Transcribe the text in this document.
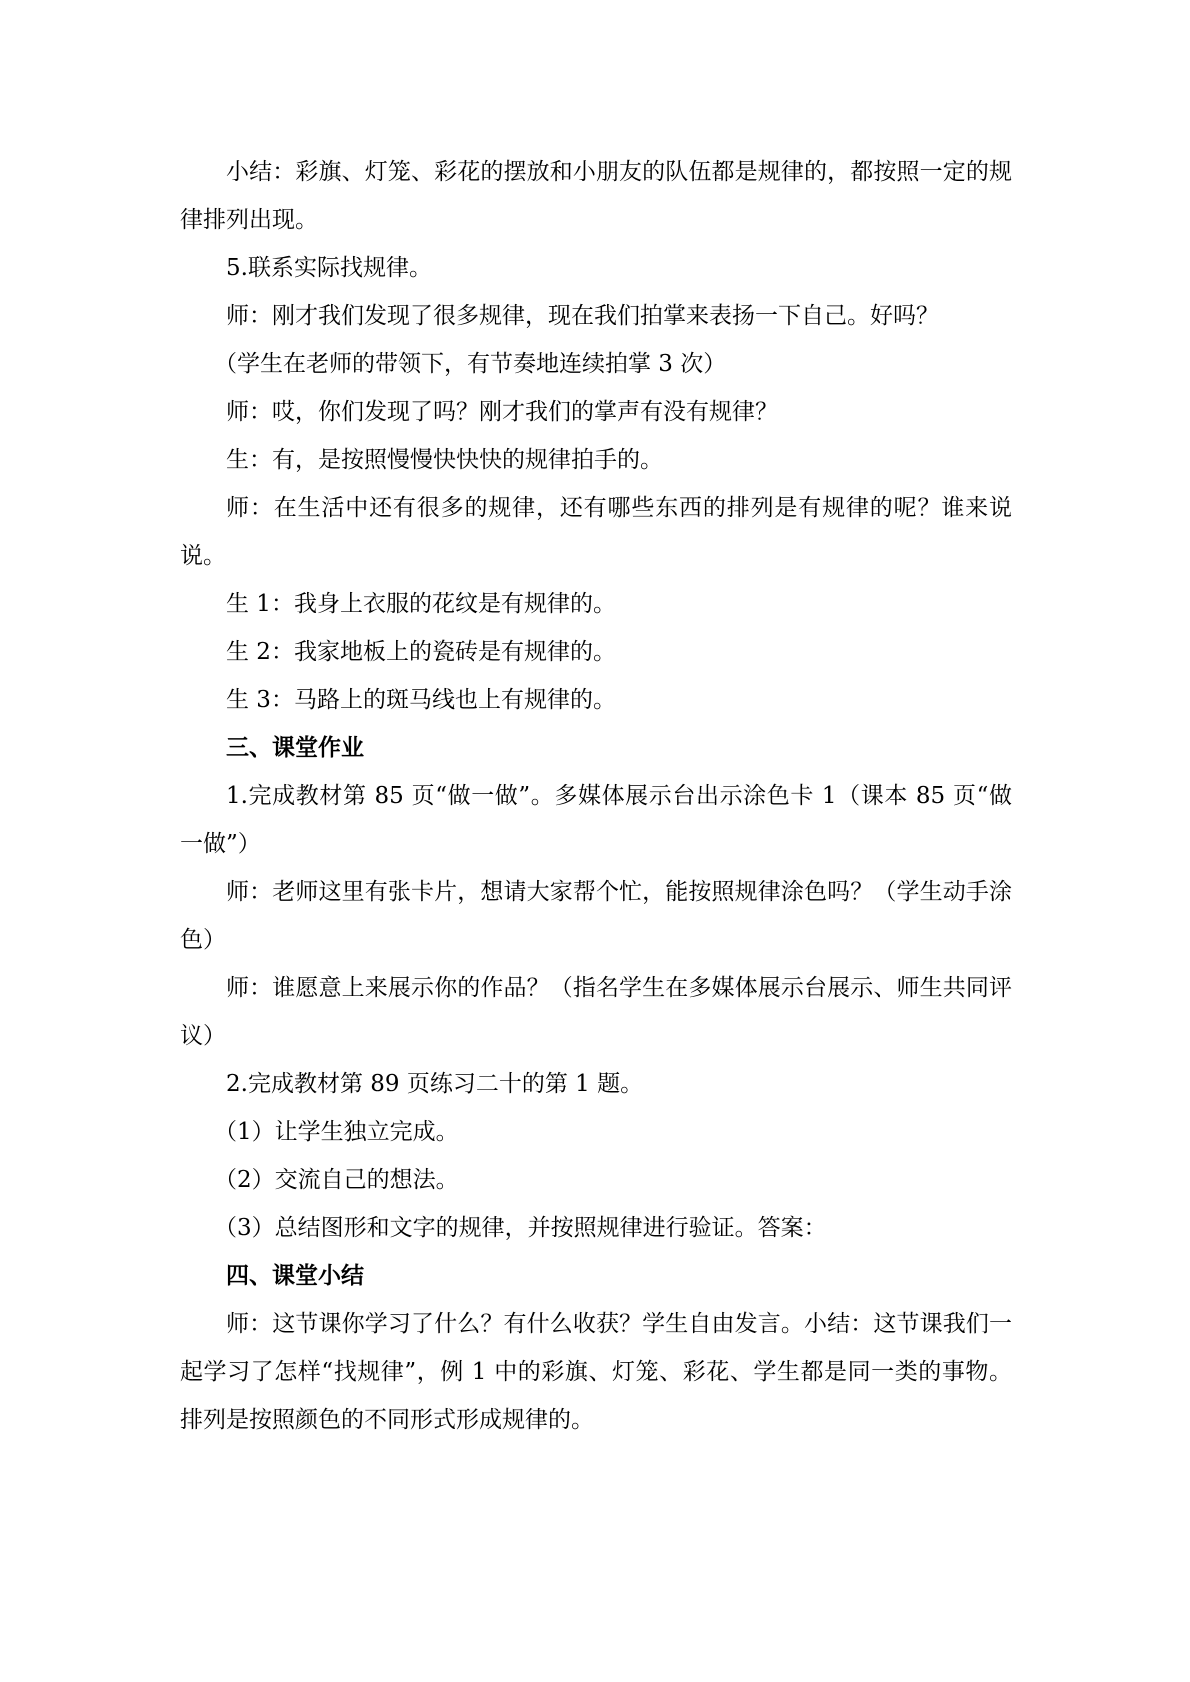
小结：彩旗、灯笼、彩花的摆放和小朋友的队伍都是规律的，都按照一定的规律排列出现。

5.联系实际找规律。

师：刚才我们发现了很多规律，现在我们拍掌来表扬一下自己。好吗？

（学生在老师的带领下，有节奏地连续拍掌 3 次）

师：哎，你们发现了吗？刚才我们的掌声有没有规律？

生：有，是按照慢慢快快快的规律拍手的。

师：在生活中还有很多的规律，还有哪些东西的排列是有规律的呢？谁来说说。

生 1：我身上衣服的花纹是有规律的。

生 2：我家地板上的瓷砖是有规律的。

生 3：马路上的斑马线也上有规律的。

三、课堂作业

1.完成教材第 85 页“做一做”。多媒体展示台出示涂色卡 1（课本 85 页“做一做”）

师：老师这里有张卡片，想请大家帮个忙，能按照规律涂色吗？（学生动手涂色）

师：谁愿意上来展示你的作品？（指名学生在多媒体展示台展示、师生共同评议）

2.完成教材第 89 页练习二十的第 1 题。

（1）让学生独立完成。

（2）交流自己的想法。

（3）总结图形和文字的规律，并按照规律进行验证。答案：

四、课堂小结

师：这节课你学习了什么？有什么收获？学生自由发言。小结：这节课我们一起学习了怎样“找规律”，例 1 中的彩旗、灯笼、彩花、学生都是同一类的事物。排列是按照颜色的不同形式形成规律的。
